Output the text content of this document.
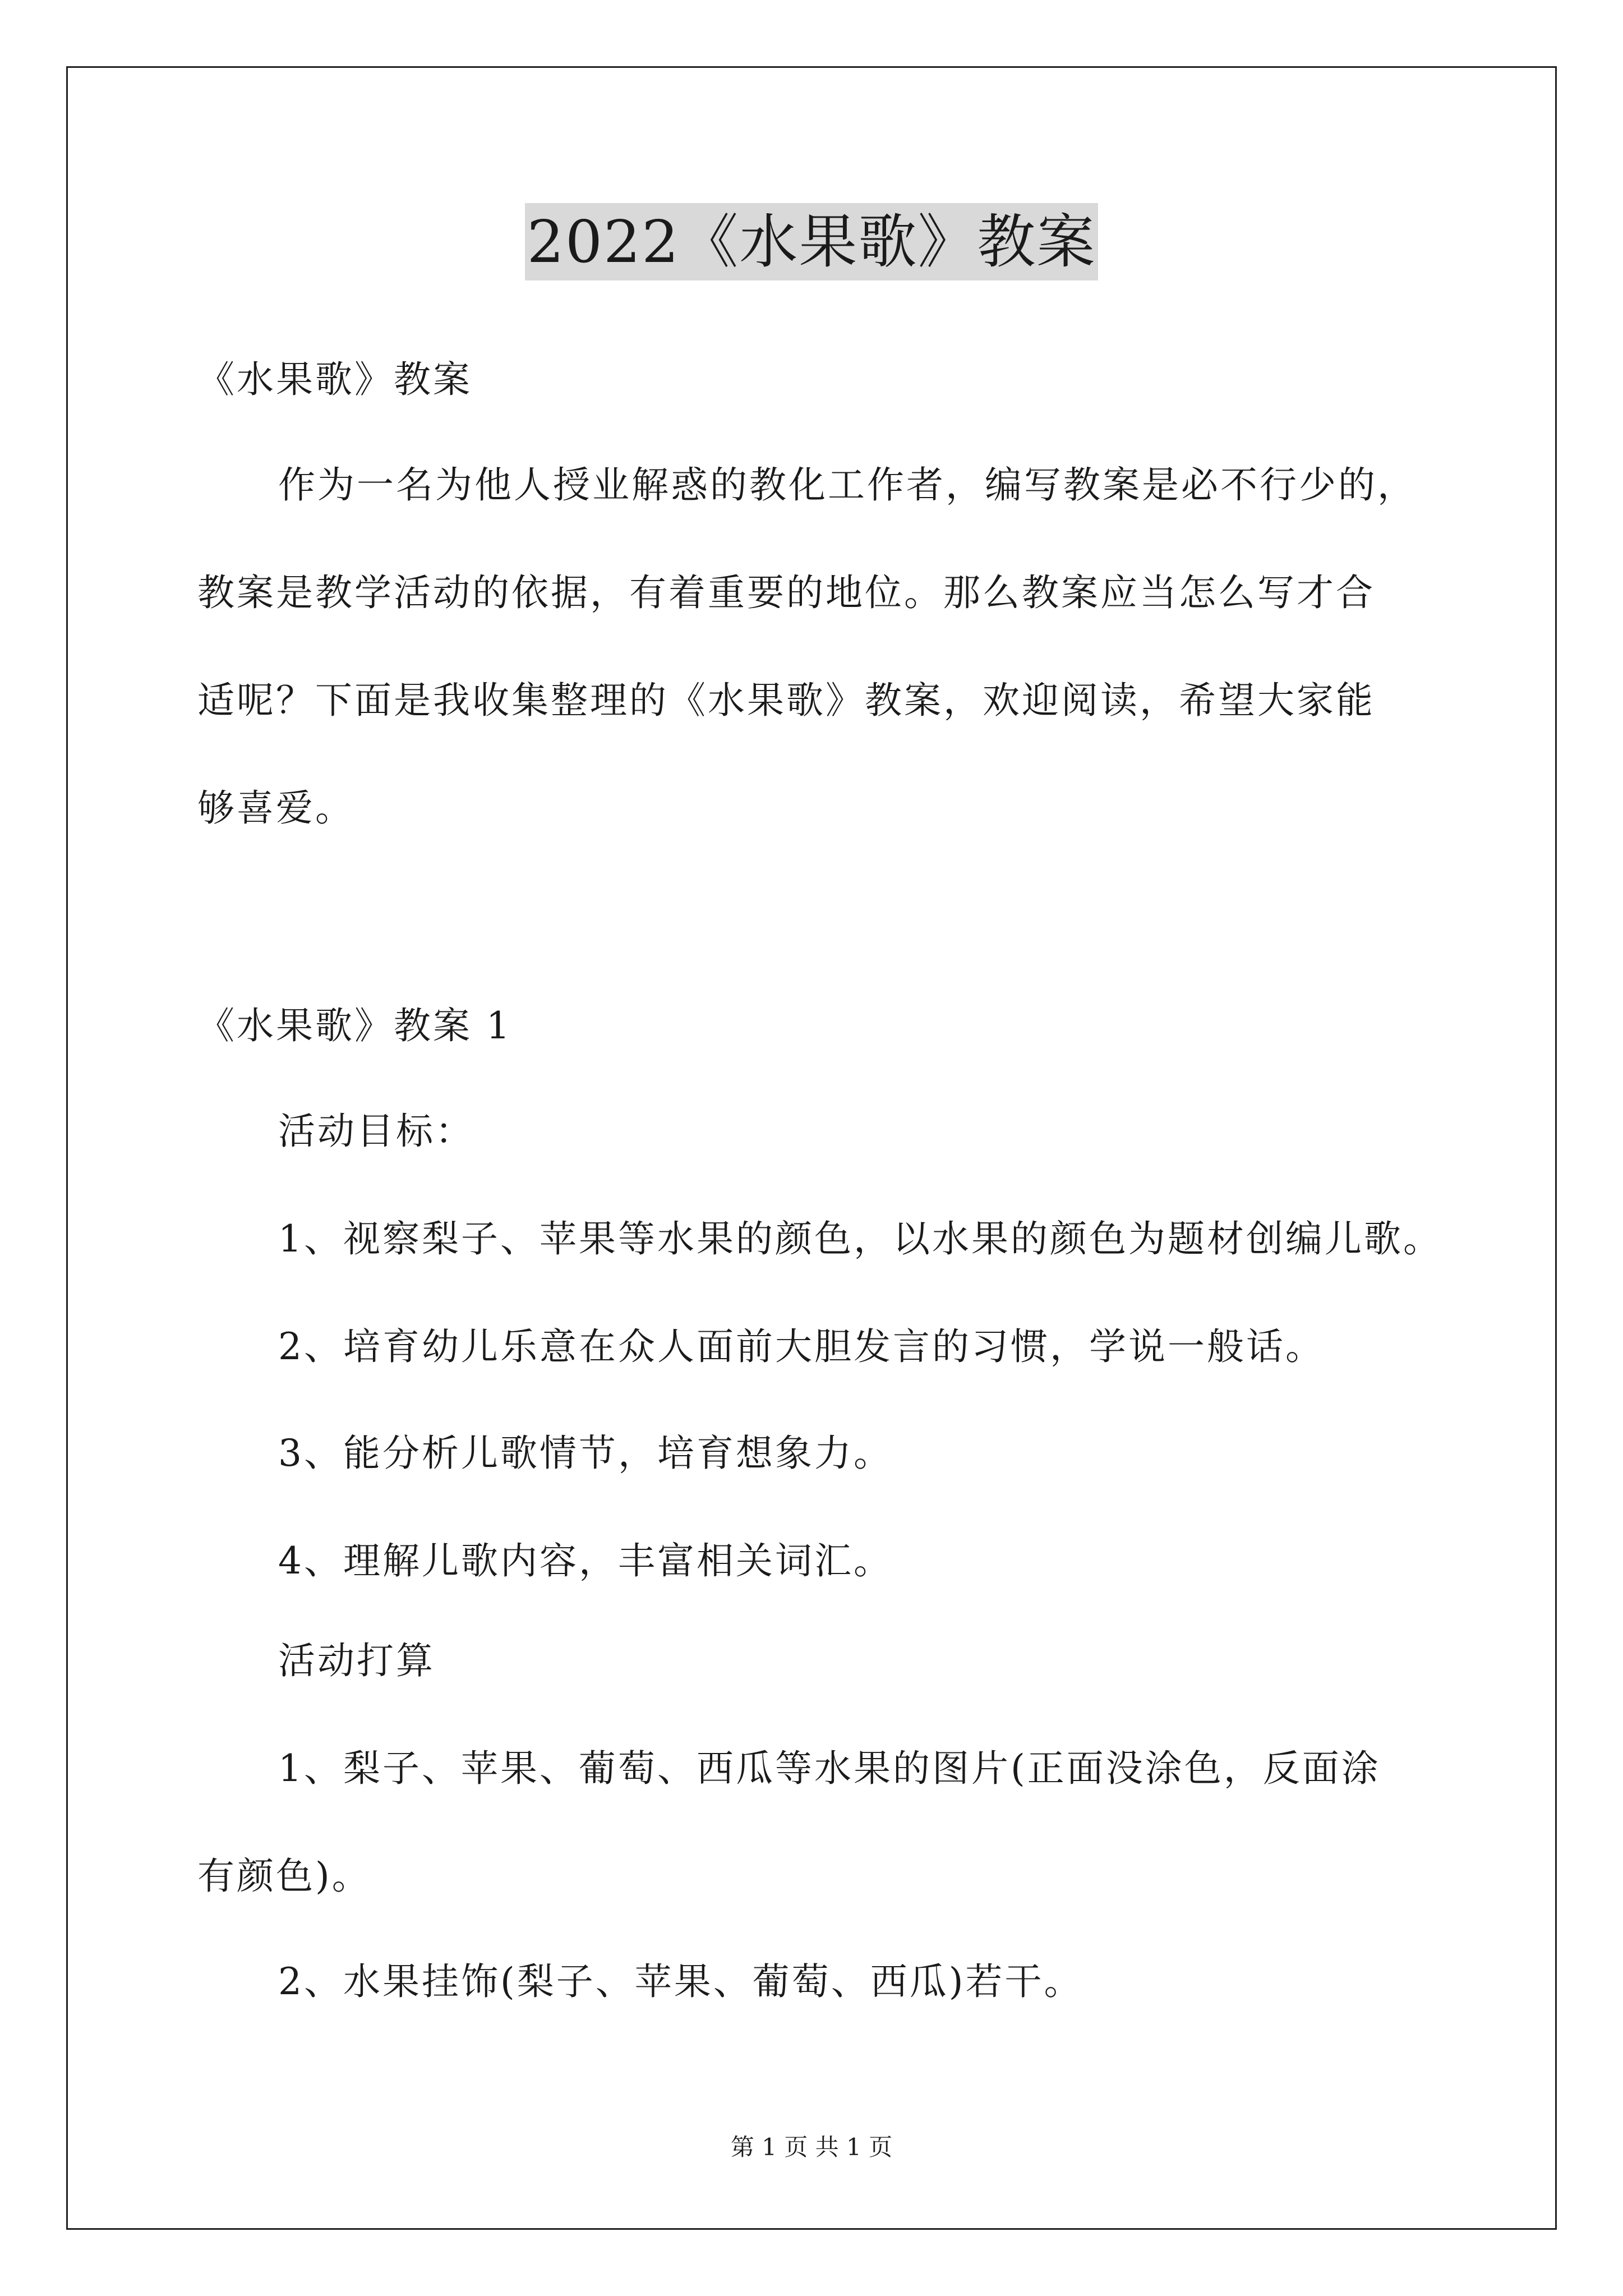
2022《水果歌》教案
《水果歌》教案
作为一名为他人授业解惑的教化工作者，编写教案是必不行少的，
教案是教学活动的依据，有着重要的地位。那么教案应当怎么写才合
适呢？下面是我收集整理的《水果歌》教案，欢迎阅读，希望大家能
够喜爱。
《水果歌》教案 1
活动目标：
1、视察梨子、苹果等水果的颜色，以水果的颜色为题材创编儿歌。
2、培育幼儿乐意在众人面前大胆发言的习惯，学说一般话。
3、能分析儿歌情节，培育想象力。
4、理解儿歌内容，丰富相关词汇。
活动打算
1、梨子、苹果、葡萄、西瓜等水果的图片(正面没涂色，反面涂
有颜色)。
2、水果挂饰(梨子、苹果、葡萄、西瓜)若干。
第 1 页 共 1 页
